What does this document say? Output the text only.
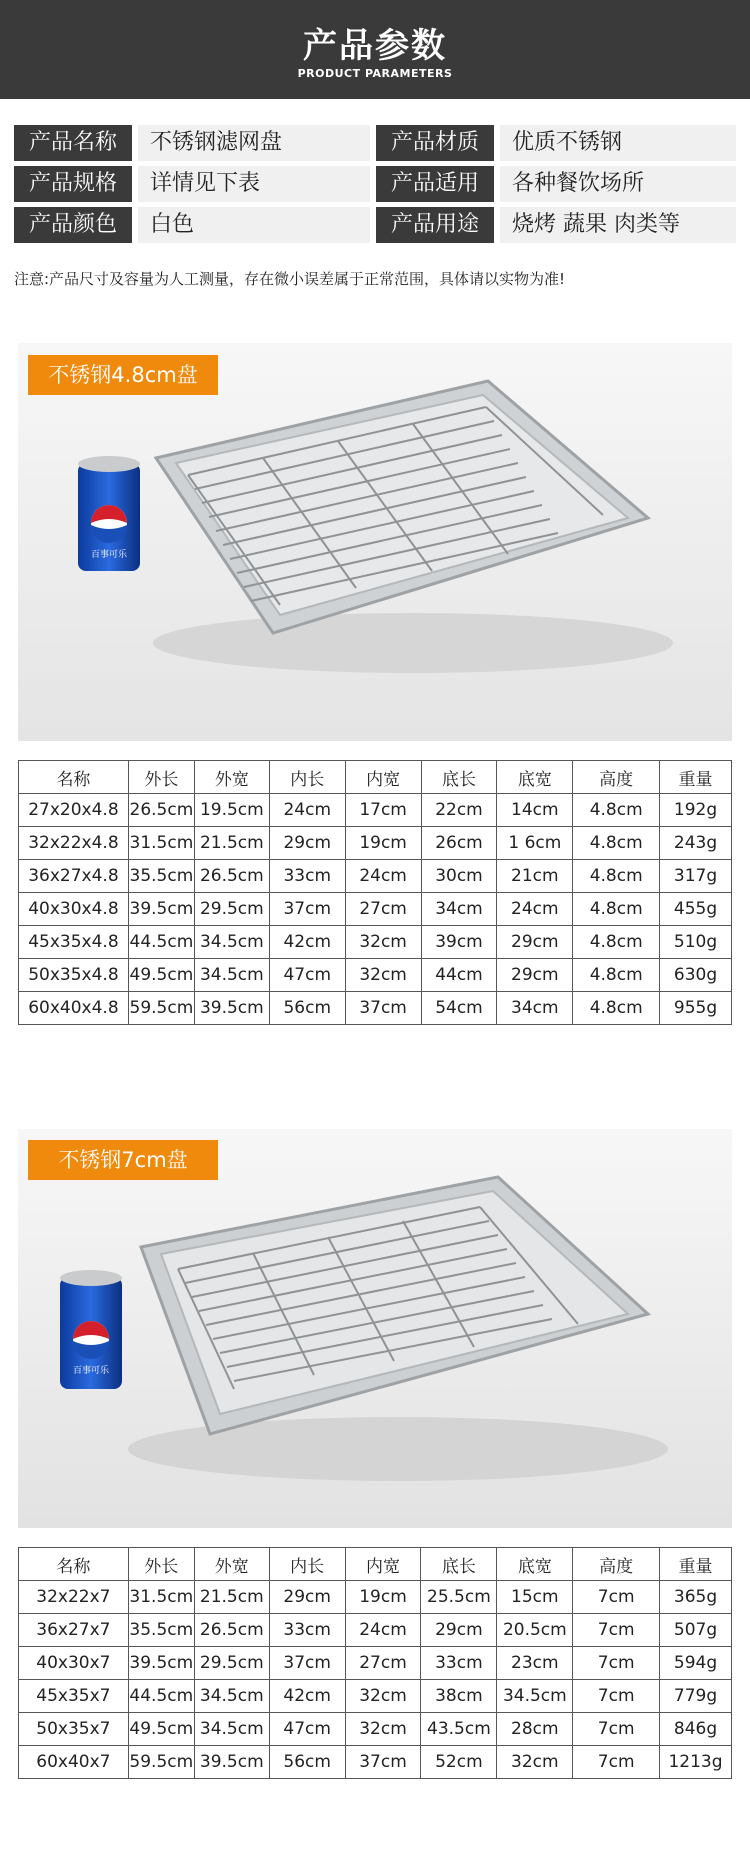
产品参数
PRODUCT PARAMETERS
产品名称	不锈钢滤网盘	产品材质	优质不锈钢
产品规格	详情见下表	产品适用	各种餐饮场所
产品颜色	白色	产品用途	烧烤 蔬果 肉类等
注意:产品尺寸及容量为人工测量，存在微小误差属于正常范围，具体请以实物为准!
百事可乐
不锈钢4.8cm盘
名称	外长	外宽	内长	内宽	底长	底宽	高度	重量
27x20x4.8	26.5cm	19.5cm	24cm	17cm	22cm	14cm	4.8cm	192g
32x22x4.8	31.5cm	21.5cm	29cm	19cm	26cm	1 6cm	4.8cm	243g
36x27x4.8	35.5cm	26.5cm	33cm	24cm	30cm	21cm	4.8cm	317g
40x30x4.8	39.5cm	29.5cm	37cm	27cm	34cm	24cm	4.8cm	455g
45x35x4.8	44.5cm	34.5cm	42cm	32cm	39cm	29cm	4.8cm	510g
50x35x4.8	49.5cm	34.5cm	47cm	32cm	44cm	29cm	4.8cm	630g
60x40x4.8	59.5cm	39.5cm	56cm	37cm	54cm	34cm	4.8cm	955g
百事可乐
不锈钢7cm盘
名称	外长	外宽	内长	内宽	底长	底宽	高度	重量
32x22x7	31.5cm	21.5cm	29cm	19cm	25.5cm	15cm	7cm	365g
36x27x7	35.5cm	26.5cm	33cm	24cm	29cm	20.5cm	7cm	507g
40x30x7	39.5cm	29.5cm	37cm	27cm	33cm	23cm	7cm	594g
45x35x7	44.5cm	34.5cm	42cm	32cm	38cm	34.5cm	7cm	779g
50x35x7	49.5cm	34.5cm	47cm	32cm	43.5cm	28cm	7cm	846g
60x40x7	59.5cm	39.5cm	56cm	37cm	52cm	32cm	7cm	1213g
